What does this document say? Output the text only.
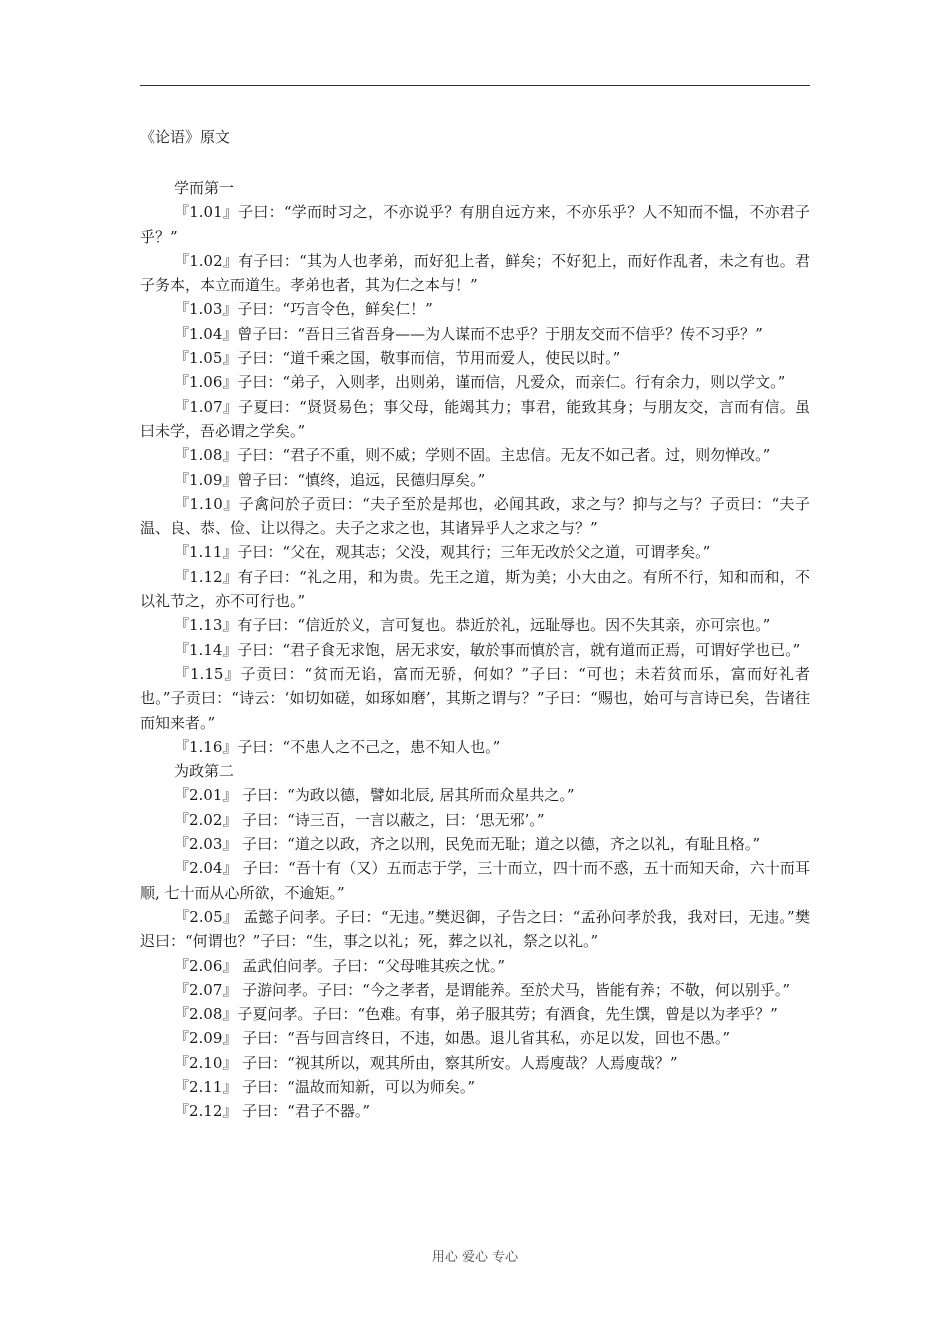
《论语》原文

学而第一

『1.01』子曰：“学而时习之，不亦说乎？有朋自远方来，不亦乐乎？人不知而不愠，不亦君子乎？”

『1.02』有子曰：“其为人也孝弟，而好犯上者，鲜矣；不好犯上，而好作乱者，未之有也。君子务本，本立而道生。孝弟也者，其为仁之本与！”

『1.03』子曰：“巧言令色，鲜矣仁！”

『1.04』曾子曰：“吾日三省吾身——为人谋而不忠乎？于朋友交而不信乎？传不习乎？”

『1.05』子曰：“道千乘之国，敬事而信，节用而爱人，使民以时。”

『1.06』子曰：“弟子，入则孝，出则弟，谨而信，凡爱众，而亲仁。行有余力，则以学文。”

『1.07』子夏曰：“贤贤易色；事父母，能竭其力；事君，能致其身；与朋友交，言而有信。虽曰未学，吾必谓之学矣。”

『1.08』子曰：“君子不重，则不威；学则不固。主忠信。无友不如己者。过，则勿惮改。”

『1.09』曾子曰：“慎终，追远，民德归厚矣。”

『1.10』子禽问於子贡曰：“夫子至於是邦也，必闻其政，求之与？抑与之与？子贡曰：“夫子温、良、恭、俭、让以得之。夫子之求之也，其诸异乎人之求之与？”

『1.11』子曰：“父在，观其志；父没，观其行；三年无改於父之道，可谓孝矣。”

『1.12』有子曰：“礼之用，和为贵。先王之道，斯为美；小大由之。有所不行，知和而和，不以礼节之，亦不可行也。”

『1.13』有子曰：“信近於义，言可复也。恭近於礼，远耻辱也。因不失其亲，亦可宗也。”

『1.14』子曰：“君子食无求饱，居无求安，敏於事而慎於言，就有道而正焉，可谓好学也已。”

『1.15』子贡曰：“贫而无谄，富而无骄，何如？”子曰：“可也；未若贫而乐，富而好礼者也。”子贡曰：“诗云：‘如切如磋，如琢如磨’，其斯之谓与？”子曰：“赐也，始可与言诗已矣，告诸往而知来者。”

『1.16』子曰：“不患人之不己之，患不知人也。”

为政第二

『2.01』 子曰：“为政以德，譬如北辰, 居其所而众星共之。”

『2.02』 子曰：“诗三百，一言以蔽之，曰：‘思无邪’。”

『2.03』 子曰：“道之以政，齐之以刑，民免而无耻；道之以德，齐之以礼，有耻且格。”

『2.04』 子曰：“吾十有（又）五而志于学，三十而立，四十而不惑，五十而知天命，六十而耳顺, 七十而从心所欲，不逾矩。”

『2.05』 孟懿子问孝。子曰：“无违。”樊迟御，子告之曰：“孟孙问孝於我，我对曰，无违。”樊迟曰：“何谓也？”子曰：“生，事之以礼；死，葬之以礼，祭之以礼。”

『2.06』 孟武伯问孝。子曰：“父母唯其疾之忧。”

『2.07』 子游问孝。子曰：“今之孝者，是谓能养。至於犬马，皆能有养；不敬，何以别乎。”

『2.08』子夏问孝。子曰：“色难。有事，弟子服其劳；有酒食，先生馔，曾是以为孝乎？”

『2.09』 子曰：“吾与回言终日，不违，如愚。退儿省其私，亦足以发，回也不愚。”

『2.10』 子曰：“视其所以，观其所由，察其所安。人焉廋哉？人焉廋哉？”

『2.11』 子曰：“温故而知新，可以为师矣。”

『2.12』 子曰：“君子不器。”

用心 爱心 专心
